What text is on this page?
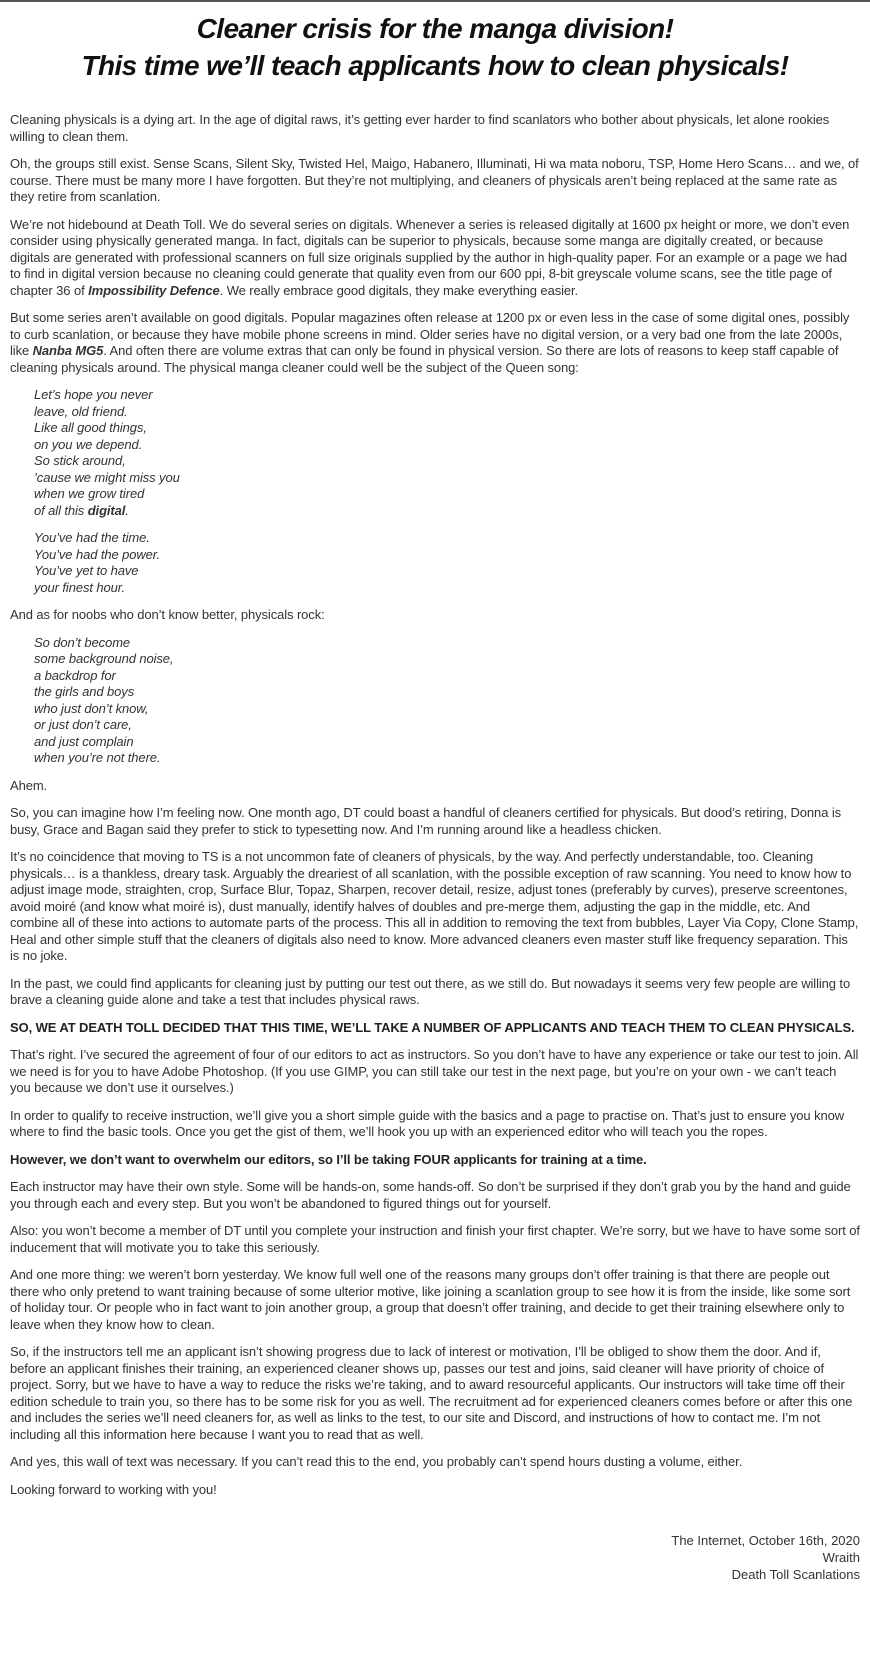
Cleaner crisis for the manga division!
This time we’ll teach applicants how to clean physicals!

Cleaning physicals is a dying art. In the age of digital raws, it’s getting ever harder to find scanlators who bother about physicals, let alone rookies willing to clean them.

Oh, the groups still exist. Sense Scans, Silent Sky, Twisted Hel, Maigo, Habanero, Illuminati, Hi wa mata noboru, TSP, Home Hero Scans… and we, of course. There must be many more I have forgotten. But they’re not multiplying, and cleaners of physicals aren’t being replaced at the same rate as they retire from scanlation.

We’re not hidebound at Death Toll. We do several series on digitals. Whenever a series is released digitally at 1600 px height or more, we don’t even consider using physically generated manga. In fact, digitals can be superior to physicals, because some manga are digitally created, or because digitals are generated with professional scanners on full size originals supplied by the author in high-quality paper. For an example or a page we had to find in digital version because no cleaning could generate that quality even from our 600 ppi, 8-bit greyscale volume scans, see the title page of chapter 36 of Impossibility Defence. We really embrace good digitals, they make everything easier.

But some series aren’t available on good digitals. Popular magazines often release at 1200 px or even less in the case of some digital ones, possibly to curb scanlation, or because they have mobile phone screens in mind. Older series have no digital version, or a very bad one from the late 2000s, like Nanba MG5. And often there are volume extras that can only be found in physical version. So there are lots of reasons to keep staff capable of cleaning physicals around. The physical manga cleaner could well be the subject of the Queen song:

Let’s hope you never
leave, old friend.
Like all good things,
on you we depend.
So stick around,
’cause we might miss you
when we grow tired
of all this digital.
You’ve had the time.
You’ve had the power.
You’ve yet to have
your finest hour.

And as for noobs who don’t know better, physicals rock:

So don’t become
some background noise,
a backdrop for
the girls and boys
who just don’t know,
or just don’t care,
and just complain
when you’re not there.

Ahem.

So, you can imagine how I’m feeling now. One month ago, DT could boast a handful of cleaners certified for physicals. But dood’s retiring, Donna is busy, Grace and Bagan said they prefer to stick to typesetting now. And I’m running around like a headless chicken.

It’s no coincidence that moving to TS is a not uncommon fate of cleaners of physicals, by the way. And perfectly understandable, too. Cleaning physicals… is a thankless, dreary task. Arguably the dreariest of all scanlation, with the possible exception of raw scanning. You need to know how to adjust image mode, straighten, crop, Surface Blur, Topaz, Sharpen, recover detail, resize, adjust tones (preferably by curves), preserve screentones, avoid moiré (and know what moiré is), dust manually, identify halves of doubles and pre-merge them, adjusting the gap in the middle, etc. And combine all of these into actions to automate parts of the process. This all in addition to removing the text from bubbles, Layer Via Copy, Clone Stamp, Heal and other simple stuff that the cleaners of digitals also need to know. More advanced cleaners even master stuff like frequency separation. This is no joke.

In the past, we could find applicants for cleaning just by putting our test out there, as we still do. But nowadays it seems very few people are willing to brave a cleaning guide alone and take a test that includes physical raws.

SO, WE AT DEATH TOLL DECIDED THAT THIS TIME, WE’LL TAKE A NUMBER OF APPLICANTS AND TEACH THEM TO CLEAN PHYSICALS.

That’s right. I’ve secured the agreement of four of our editors to act as instructors. So you don’t have to have any experience or take our test to join. All we need is for you to have Adobe Photoshop. (If you use GIMP, you can still take our test in the next page, but you’re on your own - we can’t teach you because we don’t use it ourselves.)

In order to qualify to receive instruction, we’ll give you a short simple guide with the basics and a page to practise on. That’s just to ensure you know where to find the basic tools. Once you get the gist of them, we’ll hook you up with an experienced editor who will teach you the ropes.

However, we don’t want to overwhelm our editors, so I’ll be taking FOUR applicants for training at a time.

Each instructor may have their own style. Some will be hands-on, some hands-off. So don’t be surprised if they don’t grab you by the hand and guide you through each and every step. But you won’t be abandoned to figured things out for yourself.

Also: you won’t become a member of DT until you complete your instruction and finish your first chapter. We’re sorry, but we have to have some sort of inducement that will motivate you to take this seriously.

And one more thing: we weren’t born yesterday. We know full well one of the reasons many groups don’t offer training is that there are people out there who only pretend to want training because of some ulterior motive, like joining a scanlation group to see how it is from the inside, like some sort of holiday tour. Or people who in fact want to join another group, a group that doesn’t offer training, and decide to get their training elsewhere only to leave when they know how to clean.

So, if the instructors tell me an applicant isn’t showing progress due to lack of interest or motivation, I’ll be obliged to show them the door. And if, before an applicant finishes their training, an experienced cleaner shows up, passes our test and joins, said cleaner will have priority of choice of project. Sorry, but we have to have a way to reduce the risks we’re taking, and to award resourceful applicants. Our instructors will take time off their edition schedule to train you, so there has to be some risk for you as well. The recruitment ad for experienced cleaners comes before or after this one and includes the series we’ll need cleaners for, as well as links to the test, to our site and Discord, and instructions of how to contact me. I’m not including all this information here because I want you to read that as well.

And yes, this wall of text was necessary. If you can’t read this to the end, you probably can’t spend hours dusting a volume, either.

Looking forward to working with you!

The Internet, October 16th, 2020
Wraith
Death Toll Scanlations
